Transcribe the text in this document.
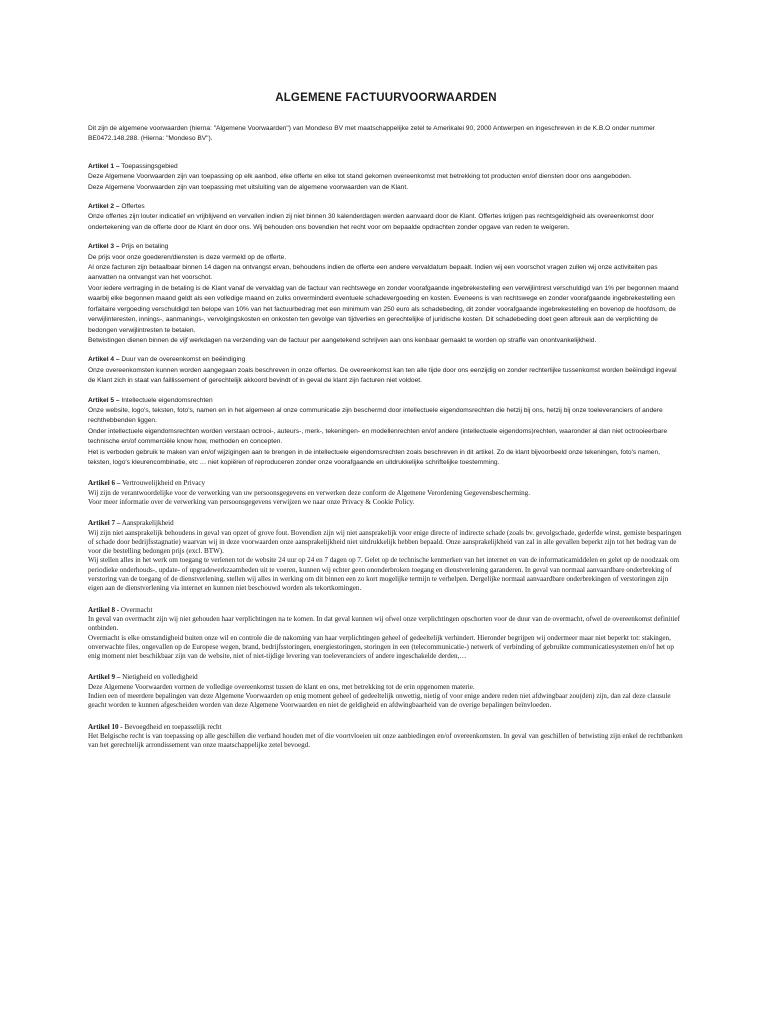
ALGEMENE FACTUURVOORWAARDEN

Dit zijn de algemene voorwaarden (hierna: "Algemene Voorwaarden") van Mondeso BV met maatschappelijke zetel te Amerikalei 90, 2000 Antwerpen en ingeschreven in de K.B.O onder nummer BE0472.148.288. (Hierna: "Mondeso BV").

Artikel 1 – Toepassingsgebied
Deze Algemene Voorwaarden zijn van toepassing op elk aanbod, elke offerte en elke tot stand gekomen overeenkomst met betrekking tot producten en/of diensten door ons aangeboden.
Deze Algemene Voorwaarden zijn van toepassing met uitsluiting van de algemene voorwaarden van de Klant.
Artikel 2 – Offertes
Onze offertes zijn louter indicatief en vrijblijvend en vervallen indien zij niet binnen 30 kalenderdagen werden aanvaard door de Klant. Offertes krijgen pas rechtsgeldigheid als overeenkomst door ondertekening van de offerte door de Klant én door ons. Wij behouden ons bovendien het recht voor om bepaalde opdrachten zonder opgave van reden te weigeren.
Artikel 3 – Prijs en betaling
De prijs voor onze goederen/diensten is deze vermeld op de offerte.
Al onze facturen zijn betaalbaar binnen 14 dagen na ontvangst ervan, behoudens indien de offerte een andere vervaldatum bepaalt. Indien wij een voorschot vragen zullen wij onze activiteiten pas aanvatten na ontvangst van het voorschot.
Voor iedere vertraging in de betaling is de Klant vanaf de vervaldag van de factuur van rechtswege en zonder voorafgaande ingebrekestelling een verwijlintrest verschuldigd van 1% per begonnen maand waarbij elke begonnen maand geldt als een volledige maand en zulks onverminderd eventuele schadevergoeding en kosten. Eveneens is van rechtswege en zonder voorafgaande ingebrekestelling een forfaitaire vergoeding verschuldigd ten belope van 10% van het factuurbedrag met een minimum van 250 euro als schadebeding, dit zonder voorafgaande ingebrekestelling en bovenop de hoofdsom, de verwijlinteresten, innings-, aanmanings-, vervolgingskosten en onkosten ten gevolge van tijdverlies en gerechtelijke of juridische kosten. Dit schadebeding doet geen afbreuk aan de verplichting de bedongen verwijlintresten te betalen.
Betwistingen dienen binnen de vijf werkdagen na verzending van de factuur per aangetekend schrijven aan ons kenbaar gemaakt te worden op straffe van onontvankelijkheid.
Artikel 4 – Duur van de overeenkomst en beëindiging
Onze overeenkomsten kunnen worden aangegaan zoals beschreven in onze offertes. De overeenkomst kan ten alle tijde door ons eenzijdig en zonder rechterlijke tussenkomst worden beëindigd ingeval de Klant zich in staat van faillissement of gerechtelijk akkoord bevindt of in geval de klant zijn facturen niet voldoet.
Artikel 5 – Intellectuele eigendomsrechten
Onze website, logo's, teksten, foto's, namen en in het algemeen al onze communicatie zijn beschermd door intellectuele eigendomsrechten die hetzij bij ons, hetzij bij onze toeleveranciers of andere rechthebbenden liggen.
Onder intellectuele eigendomsrechten worden verstaan octrooi-, auteurs-, merk-, tekeningen- en modellenrechten en/of andere (intellectuele eigendoms)rechten, waaronder al dan niet octrooieerbare technische en/of commerciële know how, methoden en concepten.
Het is verboden gebruik te maken van en/of wijzigingen aan te brengen in de intellectuele eigendomsrechten zoals beschreven in dit artikel. Zo de klant bijvoorbeeld onze tekeningen, foto's namen, teksten, logo's kleurencombinatie, etc … niet kopiëren of reproduceren zonder onze voorafgaande en uitdrukkelijke schriftelijke toestemming.
Artikel 6 – Vertrouwelijkheid en Privacy
Wij zijn de verantwoordelijke voor de verwerking van uw persoonsgegevens en verwerken deze conform de Algemene Verordening Gegevensbescherming.
Voor meer informatie over de verwerking van persoonsgegevens verwijzen we naar onze Privacy & Cookie Policy.
Artikel 7 – Aansprakelijkheid
Wij zijn niet aansprakelijk behoudens in geval van opzet of grove fout. Bovendien zijn wij niet aansprakelijk voor enige directe of indirecte schade (zoals bv. gevolgschade, gederfde winst, gemiste besparingen of schade door bedrijfsstagnatie) waarvan wij in deze voorwaarden onze aansprakelijkheid niet uitdrukkelijk hebben bepaald. Onze aansprakelijkheid van zal in alle gevallen beperkt zijn tot het bedrag van de voor die bestelling bedongen prijs (excl. BTW).
Wij stellen alles in het werk om toegang te verlenen tot de website 24 uur op 24 en 7 dagen op 7. Gelet op de technische kenmerken van het internet en van de informaticamiddelen en gelet op de noodzaak om periodieke onderhouds-, update- of upgradewerkzaamheden uit te voeren, kunnen wij echter geen ononderbroken toegang en dienstverlening garanderen. In geval van normaal aanvaardbare onderbreking of verstoring van de toegang of de dienstverlening, stellen wij alles in werking om dit binnen een zo kort mogelijke termijn te verhelpen. Dergelijke normaal aanvaardbare onderbrekingen of verstoringen zijn eigen aan de dienstverlening via internet en kunnen niet beschouwd worden als tekortkomingen.
Artikel 8 - Overmacht
In geval van overmacht zijn wij niet gehouden haar verplichtingen na te komen. In dat geval kunnen wij ofwel onze verplichtingen opschorten voor de duur van de overmacht, ofwel de overeenkomst definitief ontbinden.
Overmacht is elke omstandigheid buiten onze wil en controle die de nakoming van haar verplichtingen geheel of gedeeltelijk verhindert. Hieronder begrijpen wij ondermeer maar niet beperkt tot: stakingen, onverwachte files, ongevallen op de Europese wegen, brand, bedrijfsstoringen, energiestoringen, storingen in een (telecommunicatie-) netwerk of verbinding of gebruikte communicatiesystemen en/of het op enig moment niet beschikbaar zijn van de website, niet of niet-tijdige levering van toeleveranciers of andere ingeschakelde derden,…
Artikel 9 – Nietigheid en volledigheid
Deze Algemene Voorwaarden vormen de volledige overeenkomst tussen de klant en ons, met betrekking tot de erin opgenomen materie.
Indien een of meerdere bepalingen van deze Algemene Voorwaarden op enig moment geheel of gedeeltelijk onwettig, nietig of voor enige andere reden niet afdwingbaar zou(den) zijn, dan zal deze clausule geacht worden te kunnen afgescheiden worden van deze Algemene Voorwaarden en niet de geldigheid en afdwingbaarheid van de overige bepalingen beïnvloeden.
Artikel 10 - Bevoegdheid en toepasselijk recht
Het Belgische recht is van toepassing op alle geschillen die verband houden met of die voortvloeien uit onze aanbiedingen en/of overeenkomsten. In geval van geschillen of betwisting zijn enkel de rechtbanken van het gerechtelijk arrondissement van onze maatschappelijke zetel bevoegd.
